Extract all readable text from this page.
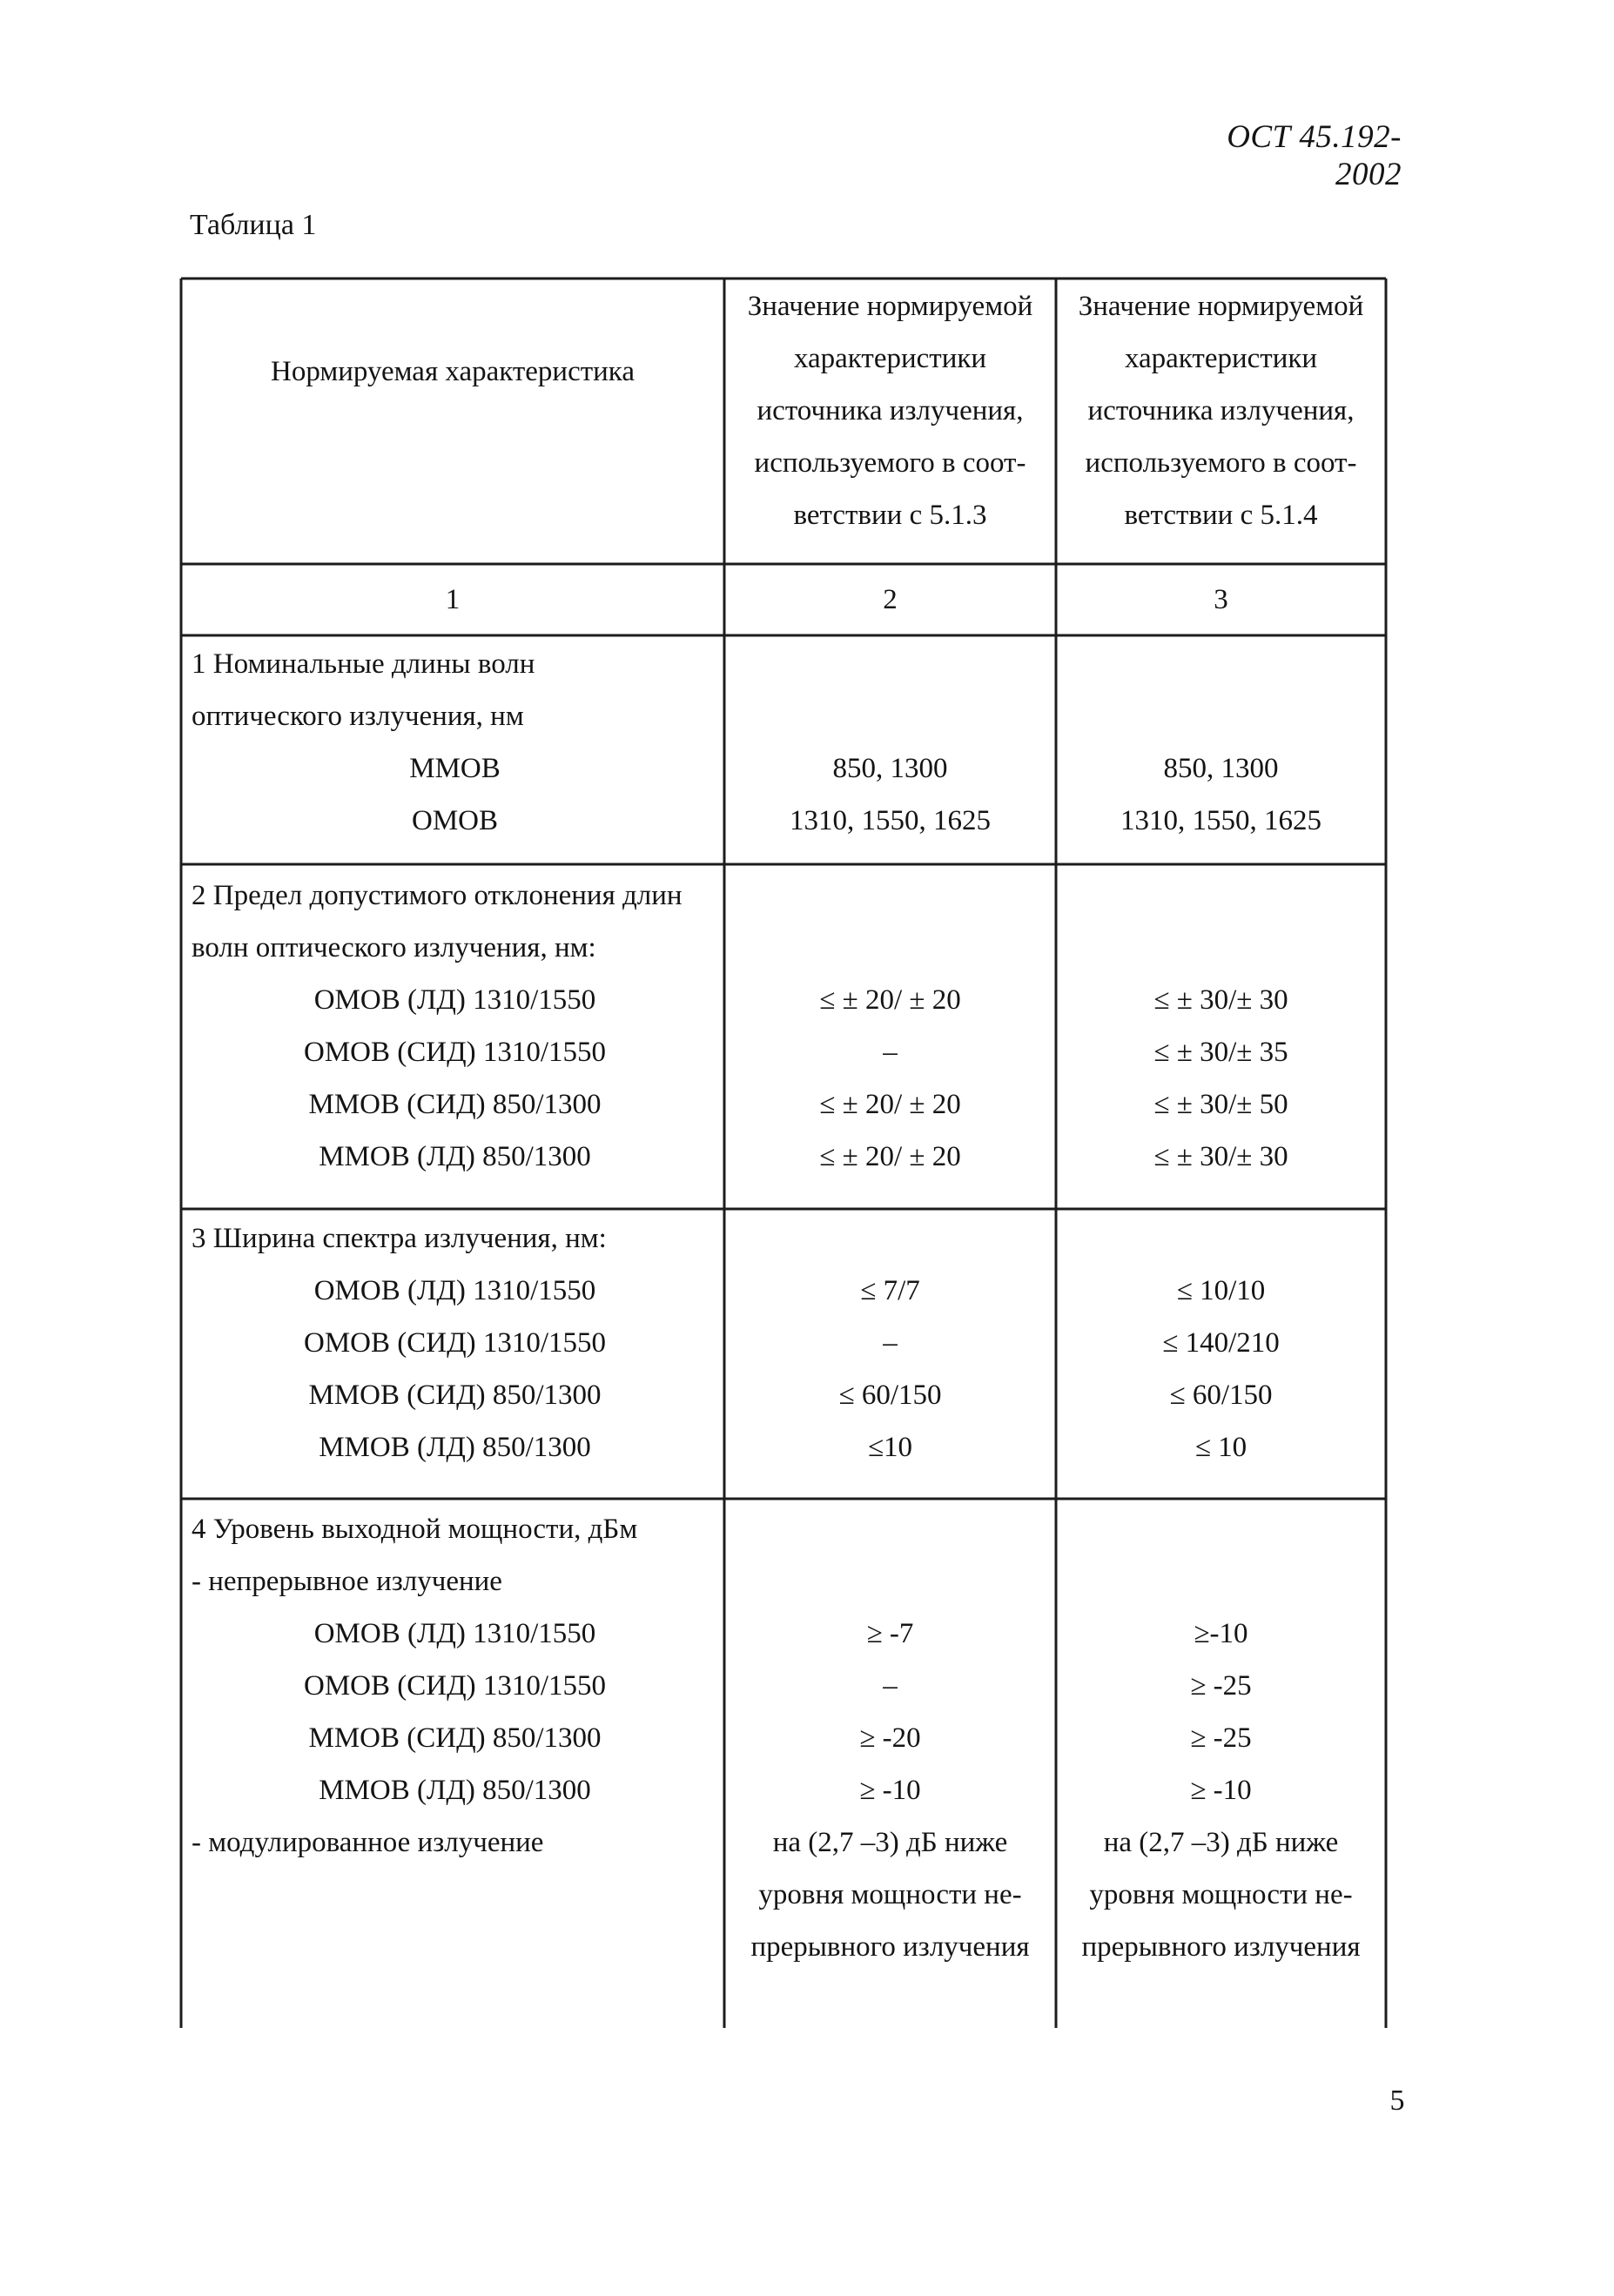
ОСТ 45.192-2002
Таблица 1
Нормируемая характеристика
Значение нормируемой
характеристики
источника излучения,
используемого в соот-
ветствии с 5.1.3
Значение нормируемой
характеристики
источника излучения,
используемого в соот-
ветствии с 5.1.4
1	2	3
1 Номинальные длины волн
оптического излучения, нм
ММОВ
ОМОВ
850, 1300
1310, 1550, 1625
850, 1300
1310, 1550, 1625
2 Предел допустимого отклонения длин
волн оптического излучения, нм:
ОМОВ (ЛД) 1310/1550
ОМОВ (СИД) 1310/1550
ММОВ (СИД) 850/1300
ММОВ (ЛД) 850/1300
≤ ± 20/ ± 20
–
≤ ± 20/ ± 20
≤ ± 20/ ± 20
≤ ± 30/± 30
≤ ± 30/± 35
≤ ± 30/± 50
≤ ± 30/± 30
3 Ширина спектра излучения, нм:
ОМОВ (ЛД) 1310/1550
ОМОВ (СИД) 1310/1550
ММОВ (СИД) 850/1300
ММОВ (ЛД) 850/1300
≤ 7/7
–
≤ 60/150
≤10
≤ 10/10
≤ 140/210
≤ 60/150
≤ 10
4 Уровень выходной мощности, дБм
- непрерывное излучение
ОМОВ (ЛД) 1310/1550
ОМОВ (СИД) 1310/1550
ММОВ (СИД) 850/1300
ММОВ (ЛД) 850/1300
- модулированное излучение
≥ -7
–
≥ -20
≥ -10
на (2,7 –3) дБ ниже
уровня мощности не-
прерывного излучения
≥-10
≥ -25
≥ -25
≥ -10
на (2,7 –3) дБ ниже
уровня мощности не-
прерывного излучения
5
